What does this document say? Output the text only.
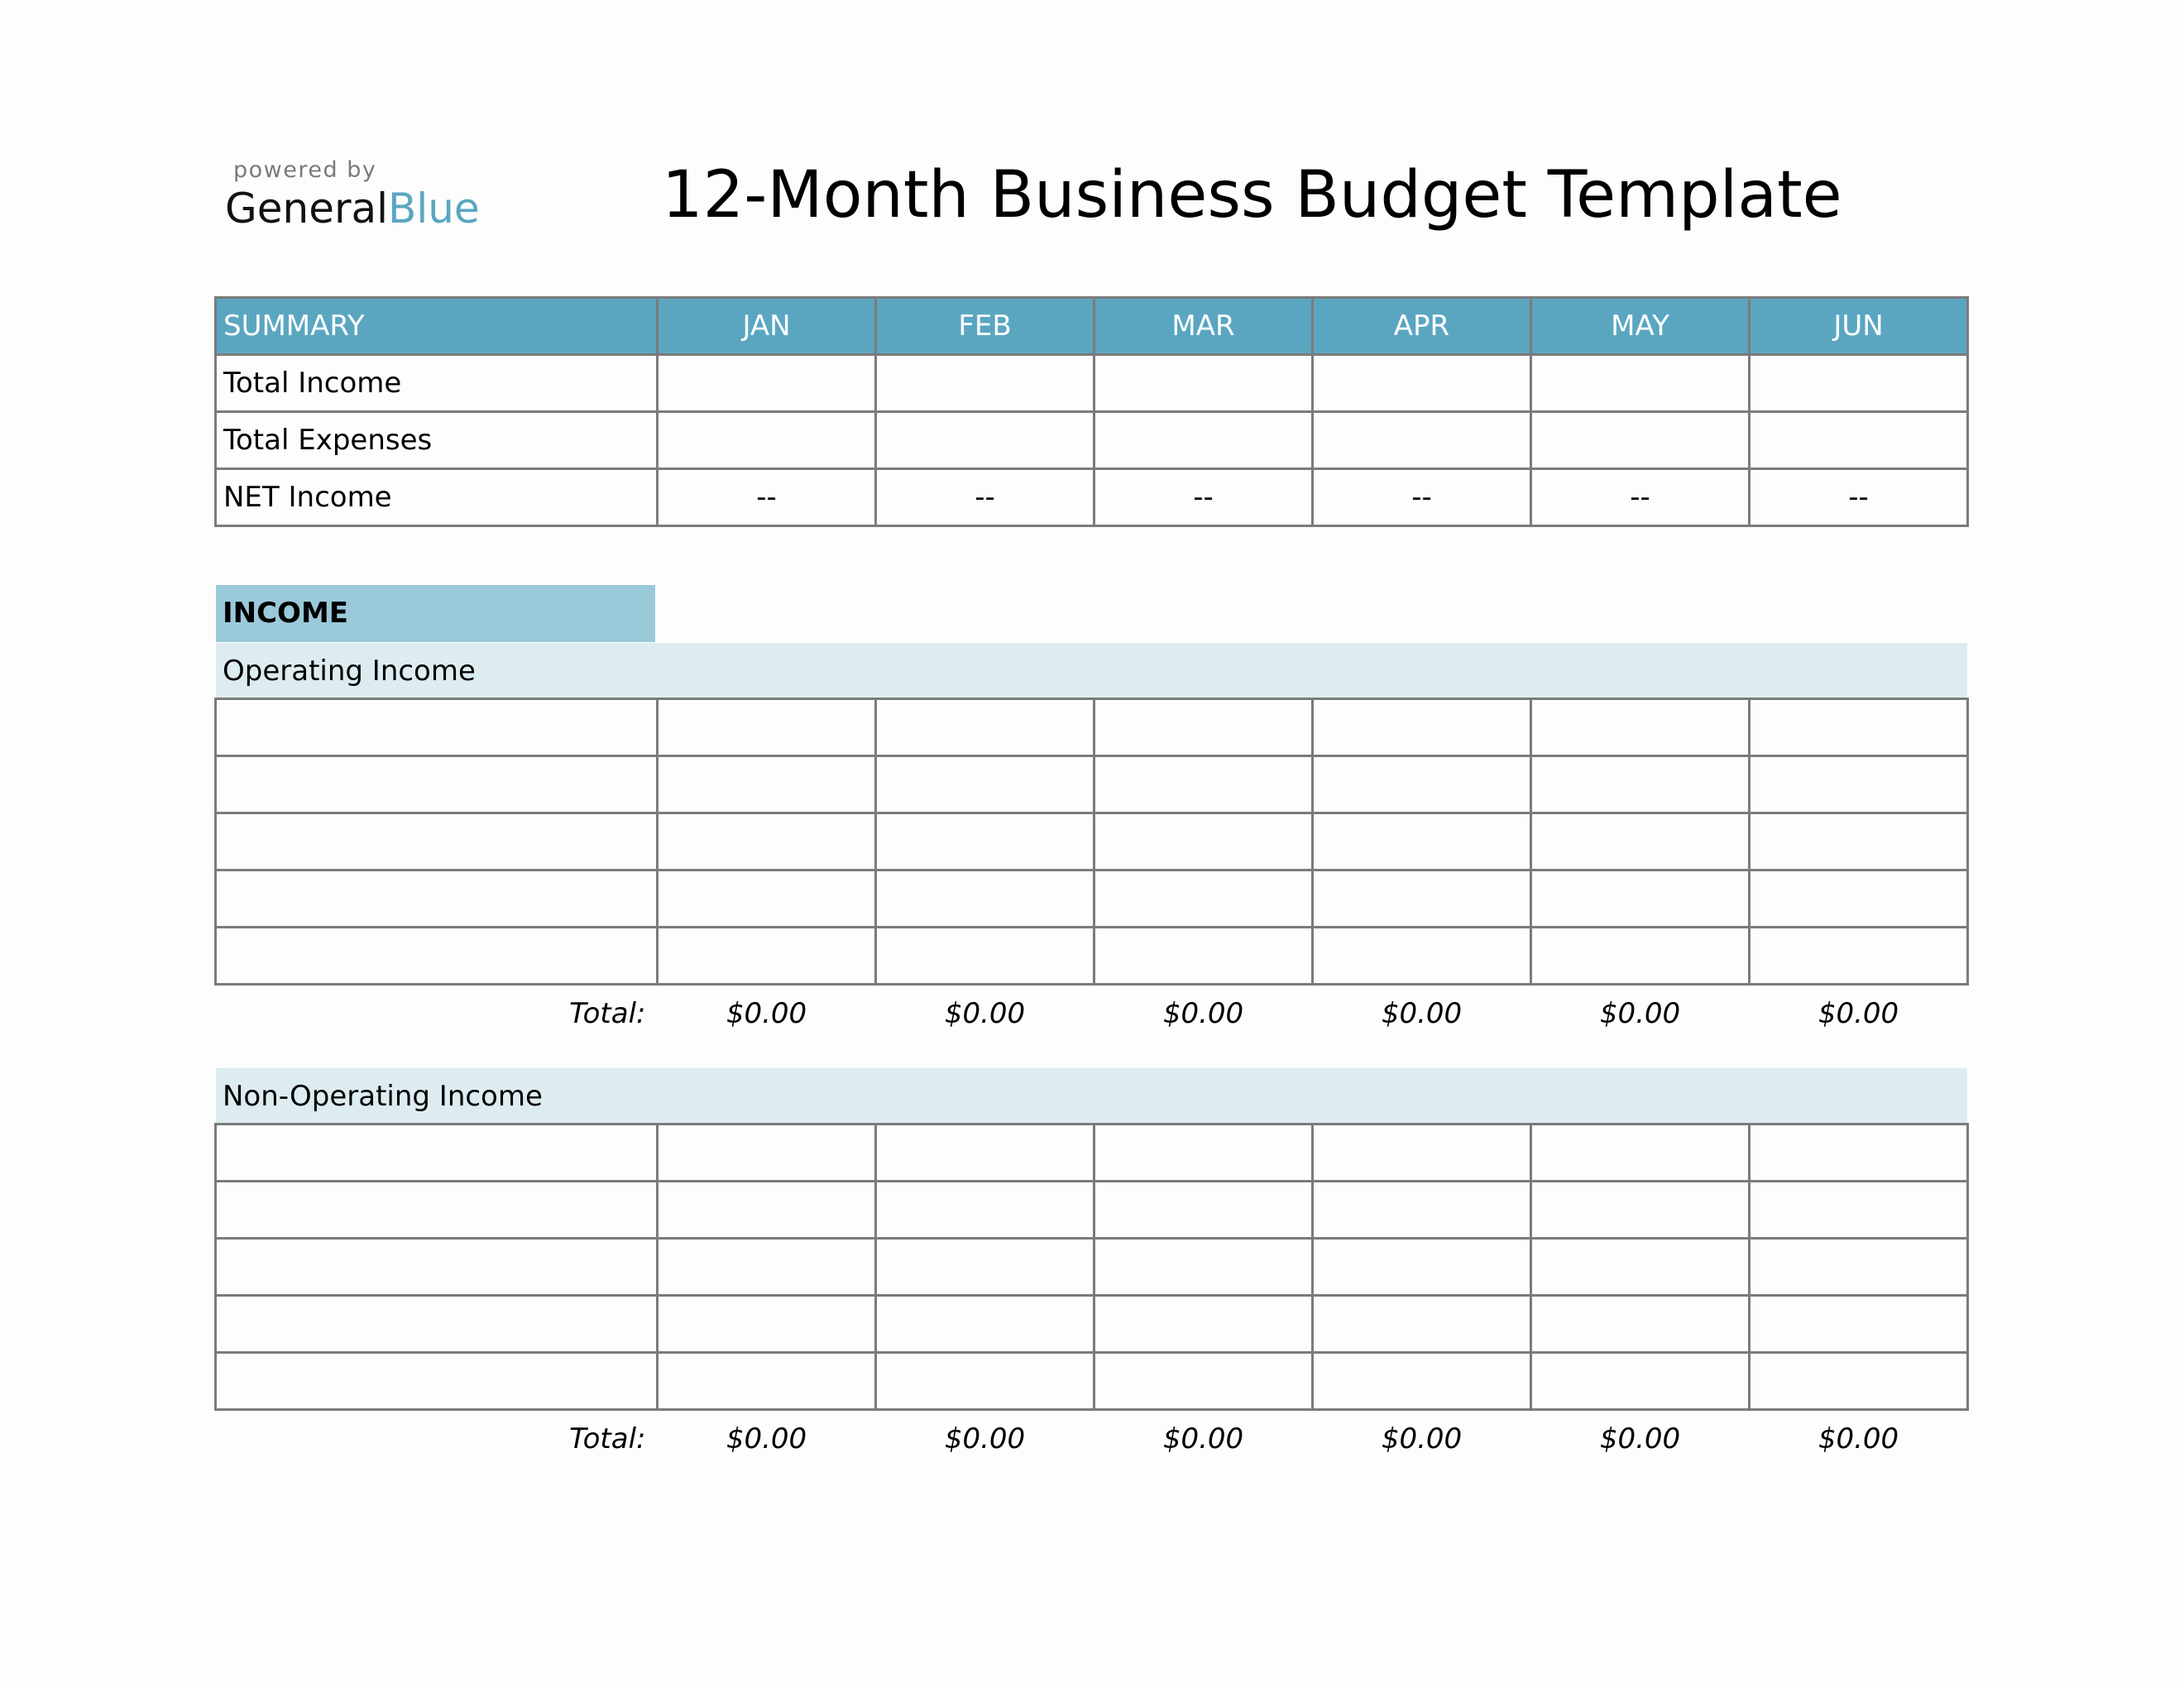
powered by
GeneralBlue	12-Month Business Budget Template
SUMMARY	JAN	FEB	MAR	APR	MAY	JUN
Total Income						
Total Expenses						
NET Income	--	--	--	--	--	--
INCOME
Operating Income

Total:	$0.00	$0.00	$0.00	$0.00	$0.00	$0.00
Non-Operating Income

Total:	$0.00	$0.00	$0.00	$0.00	$0.00	$0.00
